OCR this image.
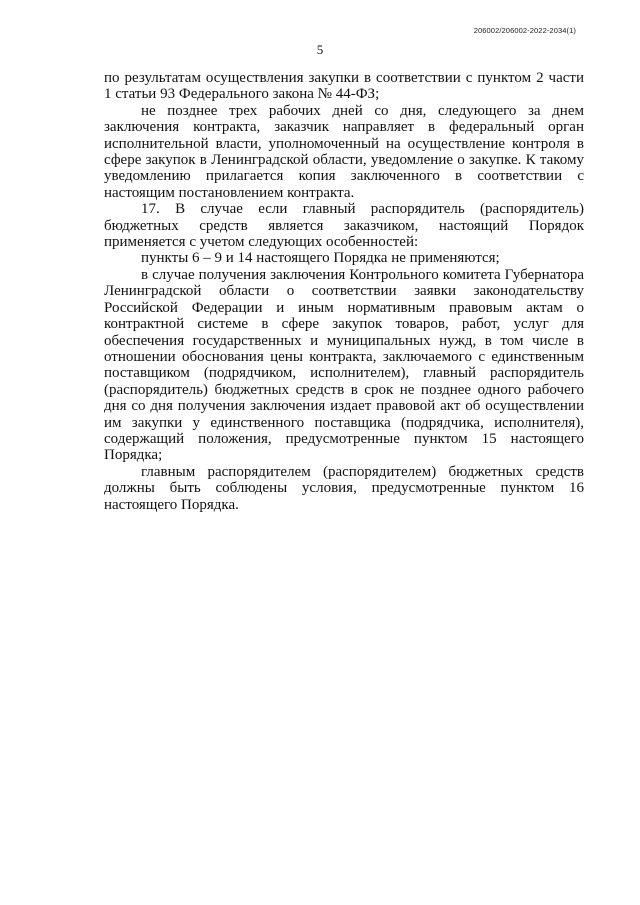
206002/206002-2022-2034(1)
5

по результатам осуществления закупки в соответствии с пунктом 2 части 1 статьи 93 Федерального закона № 44-ФЗ;

не позднее трех рабочих дней со дня, следующего за днем заключения контракта, заказчик направляет в федеральный орган исполнительной власти, уполномоченный на осуществление контроля в сфере закупок в Ленинградской области, уведомление о закупке. К такому уведомлению прилагается копия заключенного в соответствии с настоящим постановлением контракта.

17. В случае если главный распорядитель (распорядитель) бюджетных средств является заказчиком, настоящий Порядок применяется с учетом следующих особенностей:

пункты 6 – 9 и 14 настоящего Порядка не применяются;

в случае получения заключения Контрольного комитета Губернатора Ленинградской области о соответствии заявки законодательству Российской Федерации и иным нормативным правовым актам о контрактной системе в сфере закупок товаров, работ, услуг для обеспечения государственных и муниципальных нужд, в том числе в отношении обоснования цены контракта, заключаемого с единственным поставщиком (подрядчиком, исполнителем), главный распорядитель (распорядитель) бюджетных средств в срок не позднее одного рабочего дня со дня получения заключения издает правовой акт об осуществлении им закупки у единственного поставщика (подрядчика, исполнителя), содержащий положения, предусмотренные пунктом 15 настоящего Порядка;

главным распорядителем (распорядителем) бюджетных средств должны быть соблюдены условия, предусмотренные пунктом 16 настоящего Порядка.
